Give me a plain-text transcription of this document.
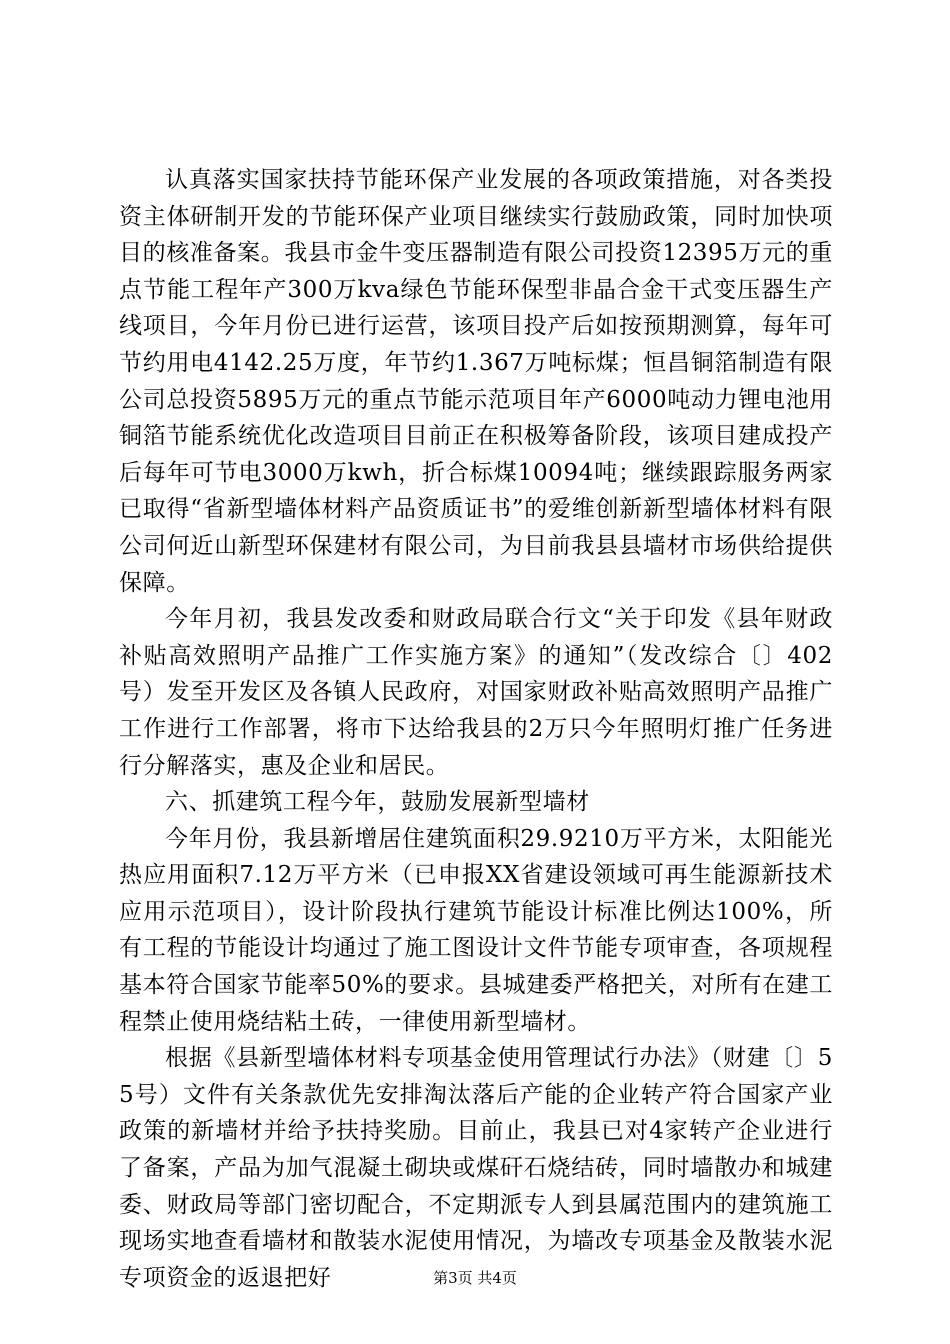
认真落实国家扶持节能环保产业发展的各项政策措施，对各类投资主体研制开发的节能环保产业项目继续实行鼓励政策，同时加快项目的核准备案。我县市金牛变压器制造有限公司投资12395万元的重点节能工程年产300万kva绿色节能环保型非晶合金干式变压器生产线项目，今年月份已进行运营，该项目投产后如按预期测算，每年可节约用电4142.25万度，年节约1.367万吨标煤；恒昌铜箔制造有限公司总投资5895万元的重点节能示范项目年产6000吨动力锂电池用铜箔节能系统优化改造项目目前正在积极筹备阶段，该项目建成投产后每年可节电3000万kwh，折合标煤10094吨；继续跟踪服务两家已取得“省新型墙体材料产品资质证书”的爱维创新新型墙体材料有限公司何近山新型环保建材有限公司，为目前我县县墙材市场供给提供保障。

今年月初，我县发改委和财政局联合行文“关于印发《县年财政补贴高效照明产品推广工作实施方案》的通知”（发改综合〔〕402号）发至开发区及各镇人民政府，对国家财政补贴高效照明产品推广工作进行工作部署，将市下达给我县的2万只今年照明灯推广任务进行分解落实，惠及企业和居民。

六、抓建筑工程今年，鼓励发展新型墙材

今年月份，我县新增居住建筑面积29.9210万平方米，太阳能光热应用面积7.12万平方米（已申报XX省建设领域可再生能源新技术应用示范项目），设计阶段执行建筑节能设计标准比例达100%，所有工程的节能设计均通过了施工图设计文件节能专项审查，各项规程基本符合国家节能率50%的要求。县城建委严格把关，对所有在建工程禁止使用烧结粘土砖，一律使用新型墙材。

根据《县新型墙体材料专项基金使用管理试行办法》（财建〔〕55号）文件有关条款优先安排淘汰落后产能的企业转产符合国家产业政策的新墙材并给予扶持奖励。目前止，我县已对4家转产企业进行了备案，产品为加气混凝土砌块或煤矸石烧结砖，同时墙散办和城建委、财政局等部门密切配合，不定期派专人到县属范围内的建筑施工现场实地查看墙材和散装水泥使用情况，为墙改专项基金及散装水泥专项资金的返退把好	第3页 共4页
